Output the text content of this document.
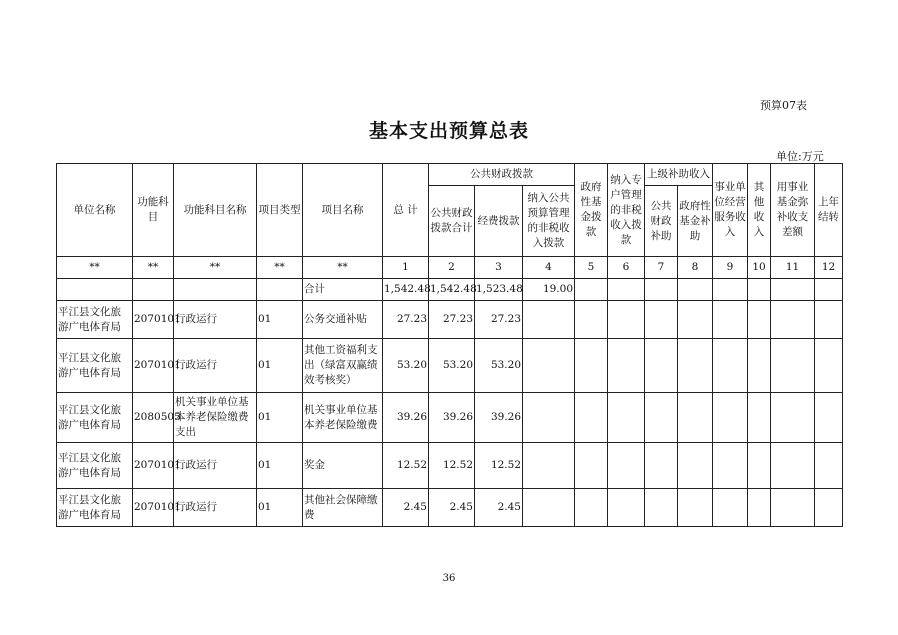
预算07表
基本支出预算总表
单位:万元
单位名称	功能科目	功能科目名称	项目类型	项目名称	总 计	公共财政拨款			政府性基金拨款	纳入专户管理的非税收入拨款	上级补助收入		事业单位经营服务收入	其他收入	用事业基金弥补收支差额	上年结转
						公共财政拨款合计	经费拨款	纳入公共预算管理的非税收入拨款			公共财政补助	政府性基金补助				
**	**	**	**	**	1	2	3	4	5	6	7	8	9	10	11	12
				合计	1,542.48	1,542.48	1,523.48	19.00								
平江县文化旅游广电体育局	2070101	行政运行	01	公务交通补贴	27.23	27.23	27.23									
平江县文化旅游广电体育局	2070101	行政运行	01	其他工资福利支出（绿富双赢绩效考核奖）	53.20	53.20	53.20									
平江县文化旅游广电体育局	2080505	机关事业单位基本养老保险缴费支出	01	机关事业单位基本养老保险缴费	39.26	39.26	39.26									
平江县文化旅游广电体育局	2070101	行政运行	01	奖金	12.52	12.52	12.52									
平江县文化旅游广电体育局	2070101	行政运行	01	其他社会保障缴费	2.45	2.45	2.45									
36
